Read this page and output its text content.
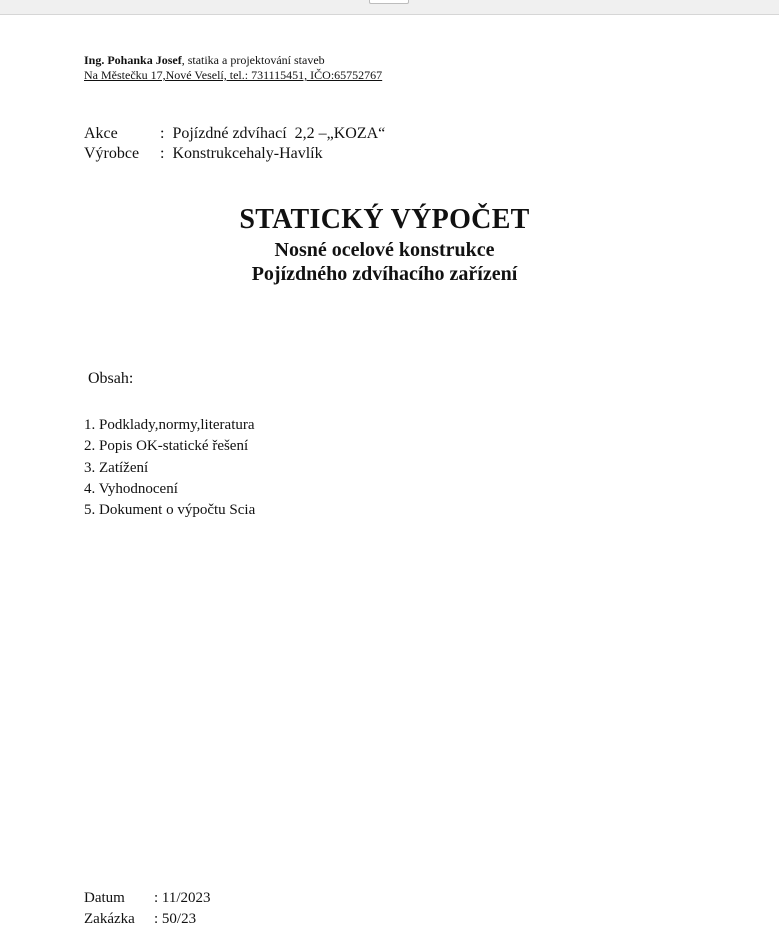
Ing. Pohanka Josef, statika a projektování staveb
Na Městečku 17,Nové Veselí, tel.: 731115451, IČO:65752767
Akce	:  Pojízdné zdvíhací  2,2 –„KOZA“
Výrobce	:  Konstrukcehaly-Havlík
STATICKÝ VÝPOČET
Nosné ocelové konstrukce
Pojízdného zdvíhacího zařízení
Obsah:
1. Podklady,normy,literatura
2. Popis OK-statické řešení
3. Zatížení
4. Vyhodnocení
5. Dokument o výpočtu Scia
Datum	: 11/2023
Zakázka	: 50/23
